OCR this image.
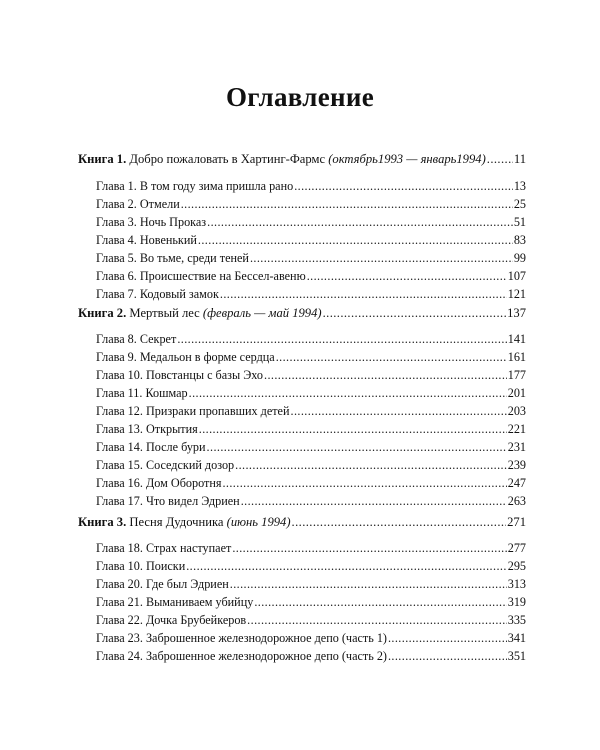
Оглавление
Книга 1. Добро пожаловать в Хартинг-Фармс (октябрь1993 — январь1994) ..... 11
Глава 1. В том году зима пришла рано .....	13
Глава 2. Отмели .....	25
Глава 3. Ночь Проказ .....	51
Глава 4. Новенький .....	83
Глава 5. Во тьме, среди теней .....	99
Глава 6. Происшествие на Бессел-авеню .....	107
Глава 7. Кодовый замок .....	121
Книга 2. Мертвый лес (февраль — май 1994) .....	137
Глава 8. Секрет .....	141
Глава 9. Медальон в форме сердца .....	161
Глава 10. Повстанцы с базы Эхо .....	177
Глава 11. Кошмар .....	201
Глава 12. Призраки пропавших детей .....	203
Глава 13. Открытия .....	221
Глава 14. После бури .....	231
Глава 15. Соседский дозор .....	239
Глава 16. Дом Оборотня .....	247
Глава 17. Что видел Эдриен .....	263
Книга 3. Песня Дудочника (июнь 1994) .....	271
Глава 18. Страх наступает .....	277
Глава 10. Поиски .....	295
Глава 20. Где был Эдриен .....	313
Глава 21. Выманиваем убийцу .....	319
Глава 22. Дочка Брубейкеров .....	335
Глава 23. Заброшенное железнодорожное депо (часть 1) .....	341
Глава 24. Заброшенное железнодорожное депо (часть 2) .....	351
